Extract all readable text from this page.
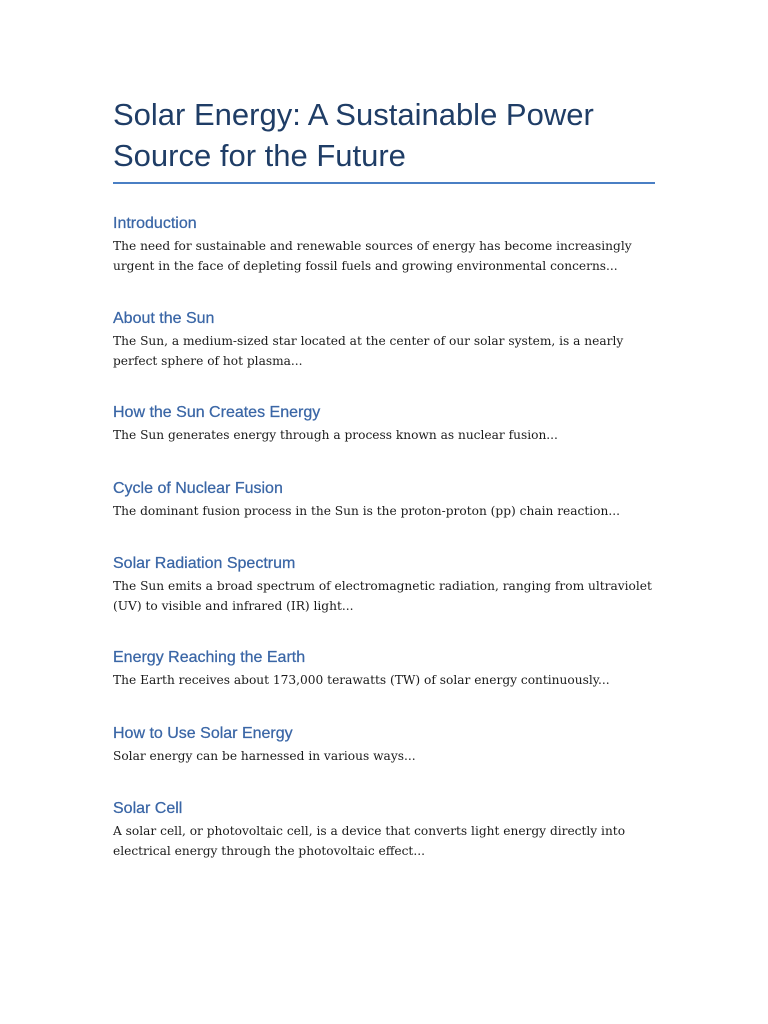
Solar Energy: A Sustainable Power Source for the Future
Introduction

The need for sustainable and renewable sources of energy has become increasingly urgent in the face of depleting fossil fuels and growing environmental concerns...

About the Sun

The Sun, a medium-sized star located at the center of our solar system, is a nearly perfect sphere of hot plasma...

How the Sun Creates Energy

The Sun generates energy through a process known as nuclear fusion...

Cycle of Nuclear Fusion

The dominant fusion process in the Sun is the proton-proton (pp) chain reaction...

Solar Radiation Spectrum

The Sun emits a broad spectrum of electromagnetic radiation, ranging from ultraviolet (UV) to visible and infrared (IR) light...

Energy Reaching the Earth

The Earth receives about 173,000 terawatts (TW) of solar energy continuously...

How to Use Solar Energy

Solar energy can be harnessed in various ways...

Solar Cell

A solar cell, or photovoltaic cell, is a device that converts light energy directly into electrical energy through the photovoltaic effect...
